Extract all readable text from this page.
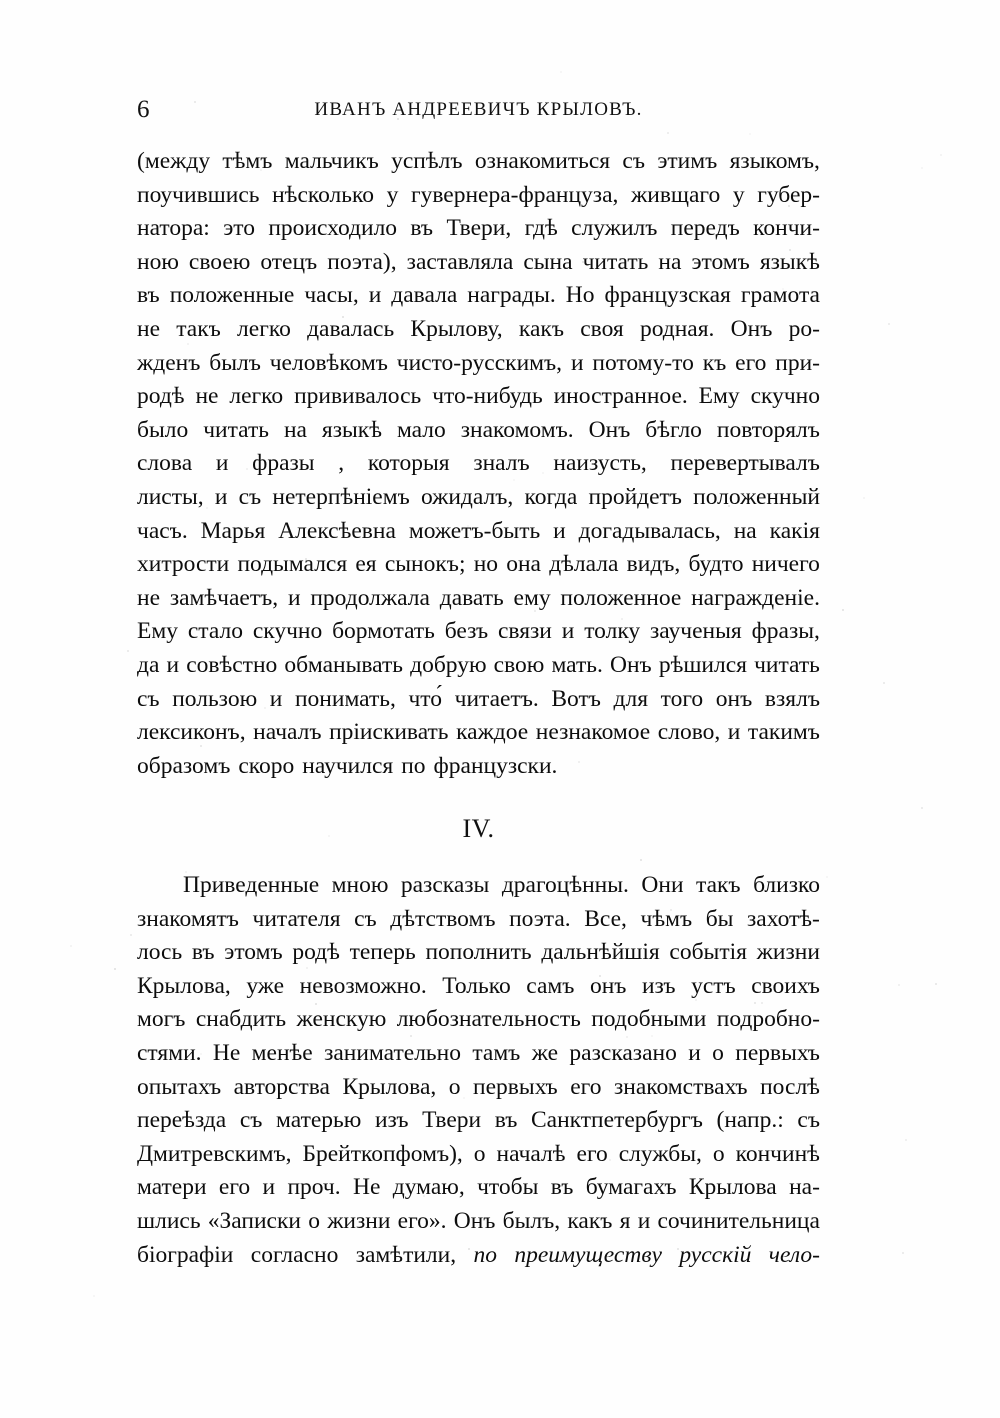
6	ИВАНЪ АНДРЕЕВИЧЪ КРЫЛОВЪ.
(между тѣмъ мальчикъ успѣлъ ознакомиться съ этимъ языкомъ,
поучившись нѣсколько у гувернера-француза, живщаго у губер-
натора: это происходило въ Твери, гдѣ служилъ передъ кончи-
ною своею отецъ поэта), заставляла сына читать на этомъ языкѣ
въ положенные часы, и давала награды. Но французская грамота
не такъ легко давалась Крылову, какъ своя родная. Онъ ро-
жденъ былъ человѣкомъ чисто-русскимъ, и потому-то къ его при-
родѣ не легко прививалось что-нибудь иностранное. Ему скучно
было читать на языкѣ мало знакомомъ. Онъ бѣгло повторялъ
слова и фразы , которыя зналъ наизусть, перевертывалъ
листы, и съ нетерпѣніемъ ожидалъ, когда пройдетъ положенный
часъ. Марья Алексѣевна можетъ-быть и догадывалась, на какія
хитрости подымался ея сынокъ; но она дѣлала видъ, будто ничего
не замѣчаетъ, и продолжала давать ему положенное награжденіе.
Ему стало скучно бормотать безъ связи и толку заученыя фразы,
да и совѣстно обманывать добрую свою мать. Онъ рѣшился читать
съ пользою и понимать, что́ читаетъ. Вотъ для того онъ взялъ
лексиконъ, началъ пріискивать каждое незнакомое слово, и такимъ
образомъ скоро научился по французски.
IV.
Приведенные мною разсказы драгоцѣнны. Они такъ близко
знакомятъ читателя съ дѣтствомъ поэта. Все, чѣмъ бы захотѣ-
лось въ этомъ родѣ теперь пополнить дальнѣйшія событія жизни
Крылова, уже невозможно. Только самъ онъ изъ устъ своихъ
могъ снабдить женскую любознательность подобными подробно-
стями. Не менѣе занимательно тамъ же разсказано и о первыхъ
опытахъ авторства Крылова, о первыхъ его знакомствахъ послѣ
переѣзда съ матерью изъ Твери въ Санктпетербургъ (напр.: съ
Дмитревскимъ, Брейткопфомъ), о началѣ его службы, о кончинѣ
матери его и проч. Не думаю, чтобы въ бумагахъ Крылова на-
шлись «Записки о жизни его». Онъ былъ, какъ я и сочинительница
біографіи согласно замѣтили, по преимуществу русскій чело-
